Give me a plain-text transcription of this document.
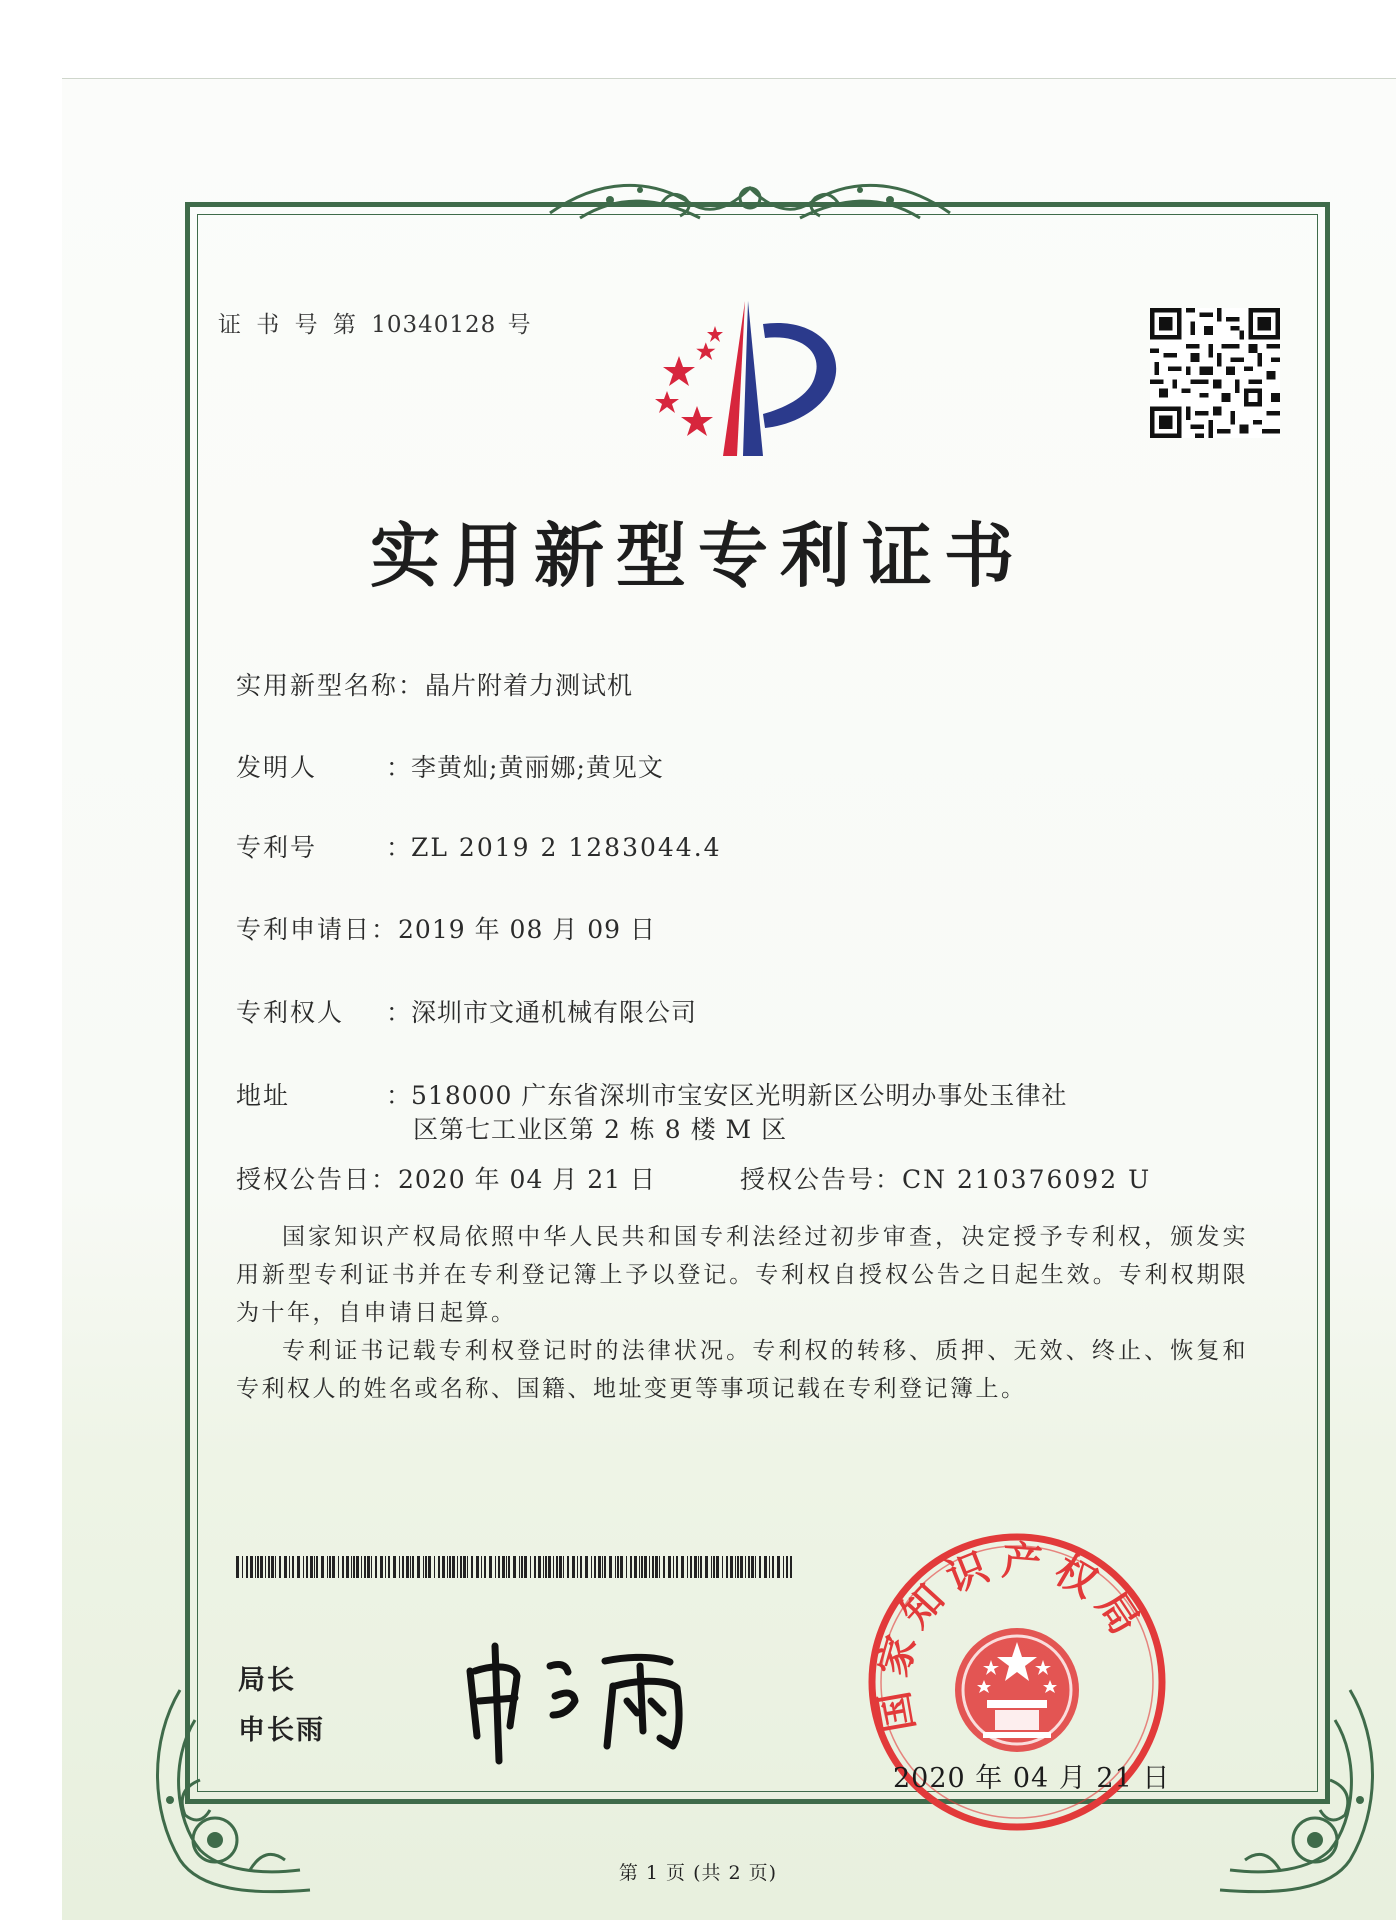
证 书 号 第 10340128 号
实用新型专利证书
实用新型名称：晶片附着力测试机
发明人	：李黄灿;黄丽娜;黄见文
专利号	：ZL 2019 2 1283044.4
专利申请日：2019 年 08 月 09 日
专利权人 ：深圳市文通机械有限公司
地址	：518000 广东省深圳市宝安区光明新区公明办事处玉律社
区第七工业区第 2 栋 8 楼 M 区
授权公告日：2020 年 04 月 21 日	授权公告号：CN 210376092 U

国家知识产权局依照中华人民共和国专利法经过初步审查，决定授予专利权，颁发实用新型专利证书并在专利登记簿上予以登记。专利权自授权公告之日起生效。专利权期限为十年，自申请日起算。

专利证书记载专利权登记时的法律状况。专利权的转移、质押、无效、终止、恢复和专利权人的姓名或名称、国籍、地址变更等事项记载在专利登记簿上。

局长
申长雨	国家知识产权局
2020 年 04 月 21 日
第 1 页 (共 2 页)
